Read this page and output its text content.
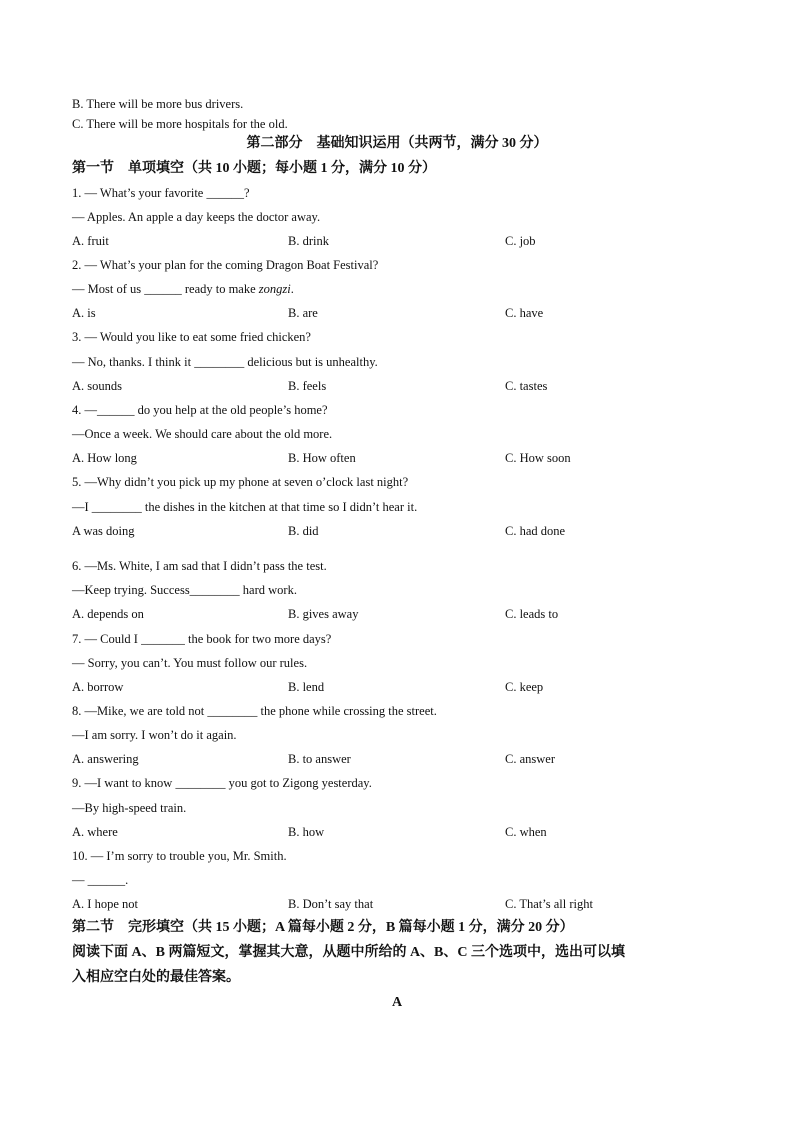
B. There will be more bus drivers.
C. There will be more hospitals for the old.
第二部分　基础知识运用（共两节，满分 30 分）
第一节　单项填空（共 10 小题；每小题 1 分，满分 10 分）
1. — What’s your favorite ______?
— Apples. An apple a day keeps the doctor away.
A. fruit	B. drink	C. job
2. — What’s your plan for the coming Dragon Boat Festival?
— Most of us ______ ready to make zongzi.
A. is	B. are	C. have
3. — Would you like to eat some fried chicken?
— No, thanks. I think it ________ delicious but is unhealthy.
A. sounds	B. feels	C. tastes
4. —______ do you help at the old people’s home?
—Once a week. We should care about the old more.
A. How long	B. How often	C. How soon
5. —Why didn’t you pick up my phone at seven o’clock last night?
—I ________ the dishes in the kitchen at that time so I didn’t hear it.
A was doing	B. did	C. had done
6. —Ms. White, I am sad that I didn’t pass the test.
—Keep trying. Success________ hard work.
A. depends on	B. gives away	C. leads to
7. — Could I _______ the book for two more days?
— Sorry, you can’t. You must follow our rules.
A. borrow	B. lend	C. keep
8. —Mike, we are told not ________ the phone while crossing the street.
—I am sorry. I won’t do it again.
A. answering	B. to answer	C. answer
9. —I want to know ________ you got to Zigong yesterday.
—By high-speed train.
A. where	B. how	C. when
10. — I’m sorry to trouble you, Mr. Smith.
— ______.
A. I hope not	B. Don’t say that	C. That’s all right
第二节　完形填空（共 15 小题；A 篇每小题 2 分，B 篇每小题 1 分，满分 20 分）
阅读下面 A、B 两篇短文，掌握其大意，从题中所给的 A、B、C 三个选项中，选出可以填
入相应空白处的最佳答案。
A
